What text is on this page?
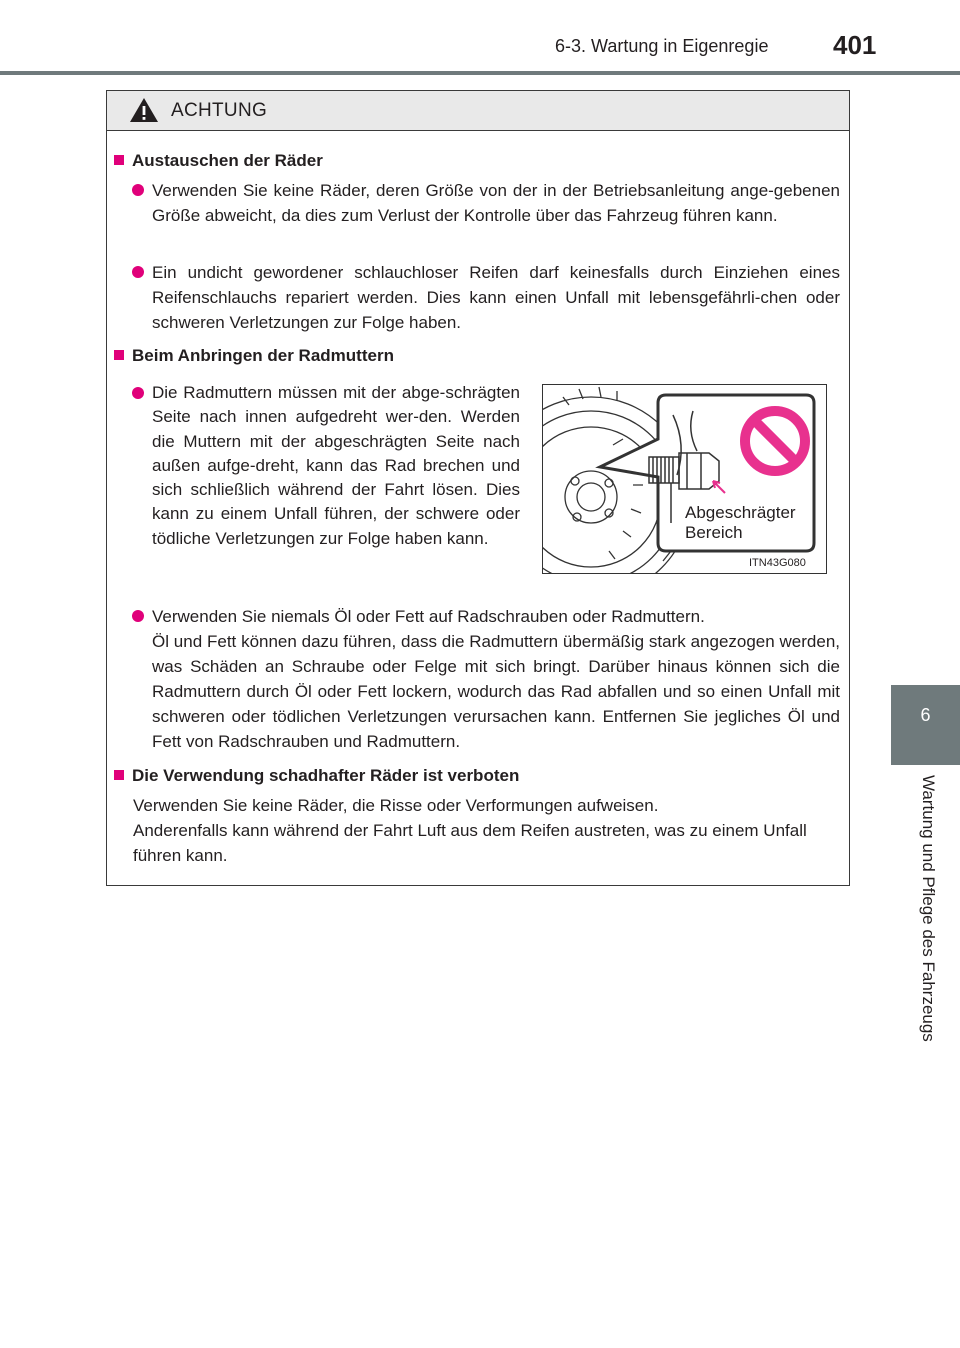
6-3. Wartung in Eigenregie 401
6
Wartung und Pflege des Fahrzeugs
ACHTUNG
Austauschen der Räder
Verwenden Sie keine Räder, deren Größe von der in der Betriebsanleitung ange-gebenen Größe abweicht, da dies zum Verlust der Kontrolle über das Fahrzeug führen kann.
Ein undicht gewordener schlauchloser Reifen darf keinesfalls durch Einziehen eines Reifenschlauchs repariert werden. Dies kann einen Unfall mit lebensgefährli-chen oder schweren Verletzungen zur Folge haben.
Beim Anbringen der Radmuttern
Die Radmuttern müssen mit der abge-schrägten Seite nach innen aufgedreht wer-den. Werden die Muttern mit der abgeschrägten Seite nach außen aufge-dreht, kann das Rad brechen und sich schließlich während der Fahrt lösen. Dies kann zu einem Unfall führen, der schwere oder tödliche Verletzungen zur Folge haben kann.
Abgeschrägter
Bereich
ITN43G080
Verwenden Sie niemals Öl oder Fett auf Radschrauben oder Radmuttern.
Öl und Fett können dazu führen, dass die Radmuttern übermäßig stark angezogen werden, was Schäden an Schraube oder Felge mit sich bringt. Darüber hinaus können sich die Radmuttern durch Öl oder Fett lockern, wodurch das Rad abfallen und so einen Unfall mit schweren oder tödlichen Verletzungen verursachen kann. Entfernen Sie jegliches Öl und Fett von Radschrauben und Radmuttern.
Die Verwendung schadhafter Räder ist verboten
Verwenden Sie keine Räder, die Risse oder Verformungen aufweisen.
Anderenfalls kann während der Fahrt Luft aus dem Reifen austreten, was zu einem Unfall führen kann.
